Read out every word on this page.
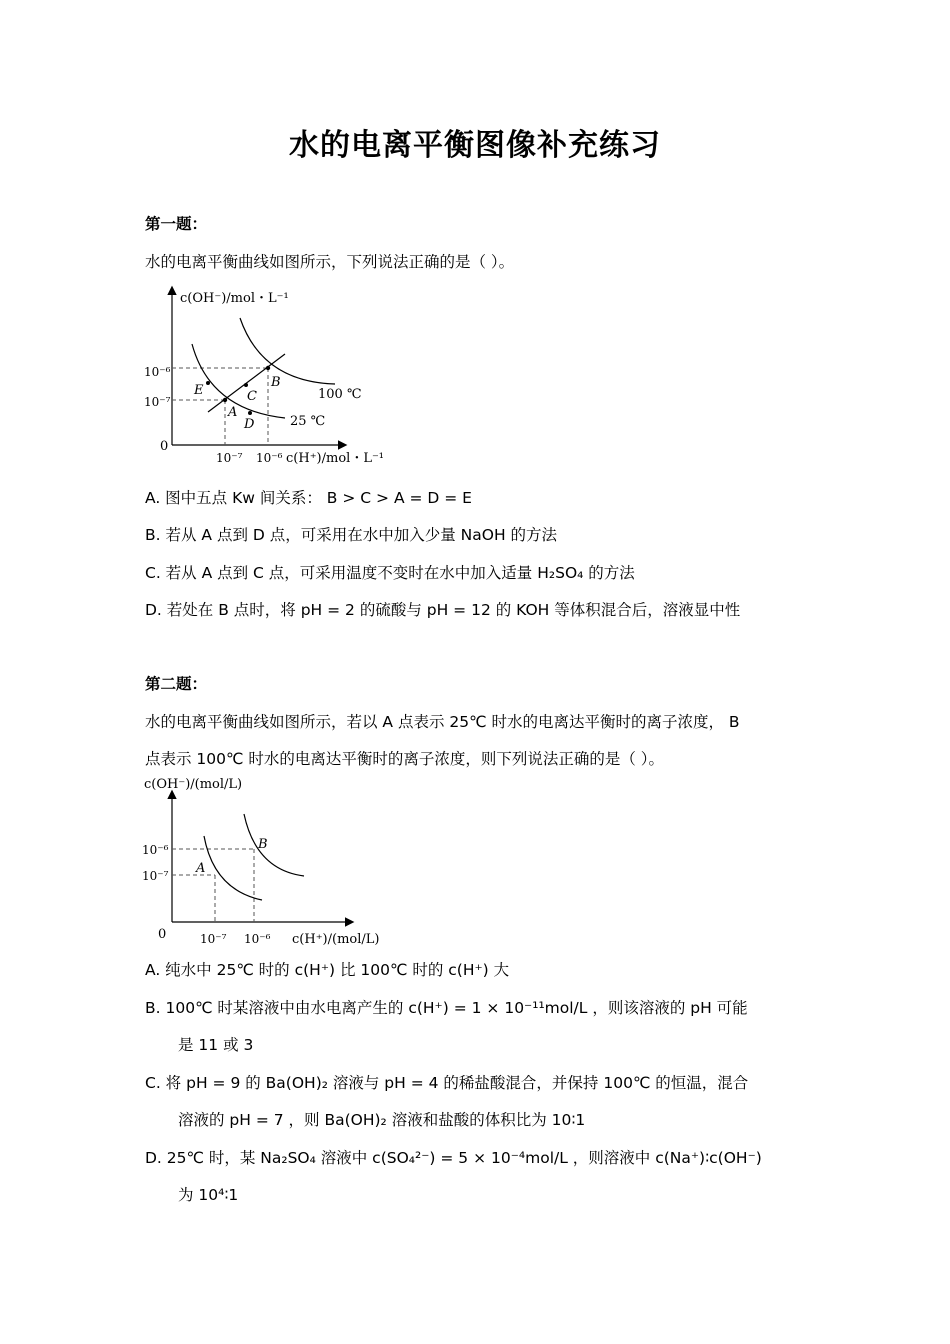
水的电离平衡图像补充练习
第一题：
水的电离平衡曲线如图所示，下列说法正确的是（ ）。
c(OH⁻)/mol・L⁻¹
c(H⁺)/mol・L⁻¹
10⁻⁶
10⁻⁷
10⁻⁷ 10⁻⁶
0
100 ℃
25 ℃
A
B
C
D
E
A. 图中五点 Kw 间关系： B > C > A = D = E
B. 若从 A 点到 D 点，可采用在水中加入少量 NaOH 的方法
C. 若从 A 点到 C 点，可采用温度不变时在水中加入适量 H₂SO₄ 的方法
D. 若处在 B 点时，将 pH = 2 的硫酸与 pH = 12 的 KOH 等体积混合后，溶液显中性
第二题：
水的电离平衡曲线如图所示，若以 A 点表示 25℃ 时水的电离达平衡时的离子浓度， B
点表示 100℃ 时水的电离达平衡时的离子浓度，则下列说法正确的是（ ）。
c(OH⁻)/(mol/L)
c(H⁺)/(mol/L)
10⁻⁶
10⁻⁷
10⁻⁷ 10⁻⁶
0
A
B
A. 纯水中 25℃ 时的 c(H⁺) 比 100℃ 时的 c(H⁺) 大
B. 100℃ 时某溶液中由水电离产生的 c(H⁺) = 1 × 10⁻¹¹mol/L ，则该溶液的 pH 可能
是 11 或 3
C. 将 pH = 9 的 Ba(OH)₂ 溶液与 pH = 4 的稀盐酸混合，并保持 100℃ 的恒温，混合
溶液的 pH = 7 ，则 Ba(OH)₂ 溶液和盐酸的体积比为 10∶1
D. 25℃ 时，某 Na₂SO₄ 溶液中 c(SO₄²⁻) = 5 × 10⁻⁴mol/L ，则溶液中 c(Na⁺)∶c(OH⁻)
为 10⁴∶1
